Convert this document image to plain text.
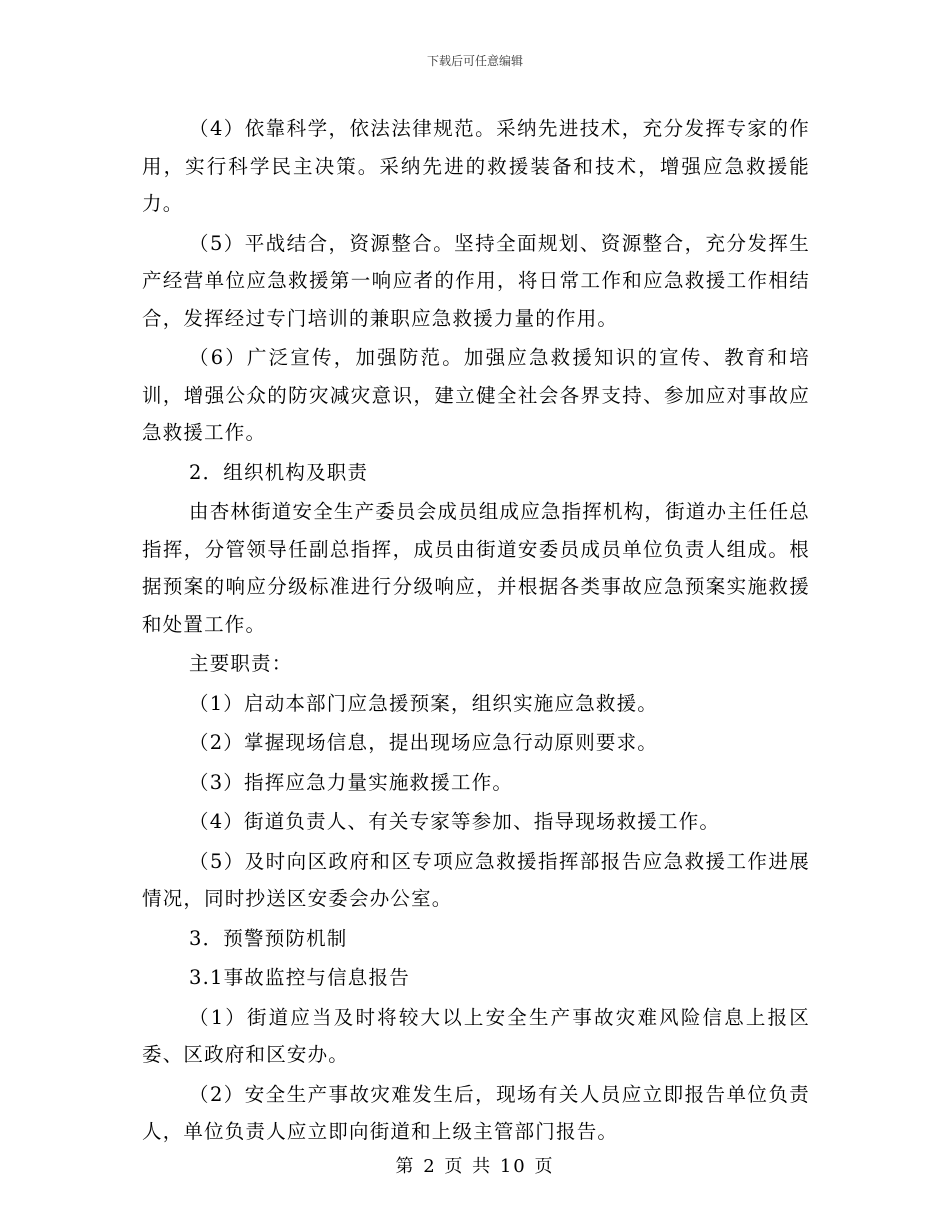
下载后可任意编辑

（4）依靠科学，依法法律规范。采纳先进技术，充分发挥专家的作用，实行科学民主决策。采纳先进的救援装备和技术，增强应急救援能力。

（5）平战结合，资源整合。坚持全面规划、资源整合，充分发挥生产经营单位应急救援第一响应者的作用，将日常工作和应急救援工作相结合，发挥经过专门培训的兼职应急救援力量的作用。

（6）广泛宣传，加强防范。加强应急救援知识的宣传、教育和培训，增强公众的防灾减灾意识，建立健全社会各界支持、参加应对事故应急救援工作。

2．组织机构及职责

由杏林街道安全生产委员会成员组成应急指挥机构，街道办主任任总指挥，分管领导任副总指挥，成员由街道安委员成员单位负责人组成。根据预案的响应分级标准进行分级响应，并根据各类事故应急预案实施救援和处置工作。

主要职责：

（1）启动本部门应急援预案，组织实施应急救援。

（2）掌握现场信息，提出现场应急行动原则要求。

（3）指挥应急力量实施救援工作。

（4）街道负责人、有关专家等参加、指导现场救援工作。

（5）及时向区政府和区专项应急救援指挥部报告应急救援工作进展情况，同时抄送区安委会办公室。

3．预警预防机制

3.1事故监控与信息报告

（1）街道应当及时将较大以上安全生产事故灾难风险信息上报区委、区政府和区安办。

（2）安全生产事故灾难发生后，现场有关人员应立即报告单位负责人，单位负责人应立即向街道和上级主管部门报告。

第 2 页 共 10 页
